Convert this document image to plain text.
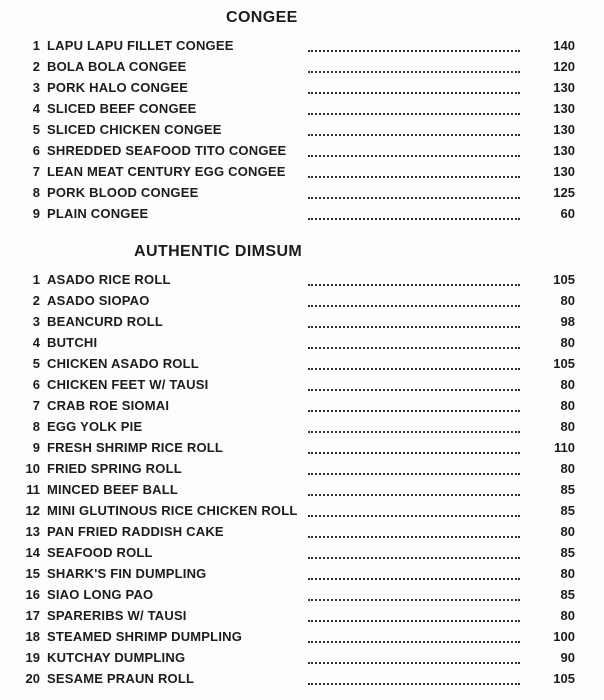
CONGEE
1 LAPU LAPU FILLET CONGEE	140
2 BOLA BOLA CONGEE	120
3 PORK HALO CONGEE	130
4 SLICED BEEF CONGEE	130
5 SLICED CHICKEN CONGEE	130
6 SHREDDED SEAFOOD TITO CONGEE	130
7 LEAN MEAT CENTURY EGG CONGEE	130
8 PORK BLOOD CONGEE	125
9 PLAIN CONGEE	60
AUTHENTIC DIMSUM
1 ASADO RICE ROLL	105
2 ASADO SIOPAO	80
3 BEANCURD ROLL	98
4 BUTCHI	80
5 CHICKEN ASADO ROLL	105
6 CHICKEN FEET W/ TAUSI	80
7 CRAB ROE SIOMAI	80
8 EGG YOLK PIE	80
9 FRESH SHRIMP RICE ROLL	110
10 FRIED SPRING ROLL	80
11 MINCED BEEF BALL	85
12 MINI GLUTINOUS RICE CHICKEN ROLL	85
13 PAN FRIED RADDISH CAKE	80
14 SEAFOOD ROLL	85
15 SHARK'S FIN DUMPLING	80
16 SIAO LONG PAO	85
17 SPARERIBS W/ TAUSI	80
18 STEAMED SHRIMP DUMPLING	100
19 KUTCHAY DUMPLING	90
20 SESAME PRAUN ROLL	105
